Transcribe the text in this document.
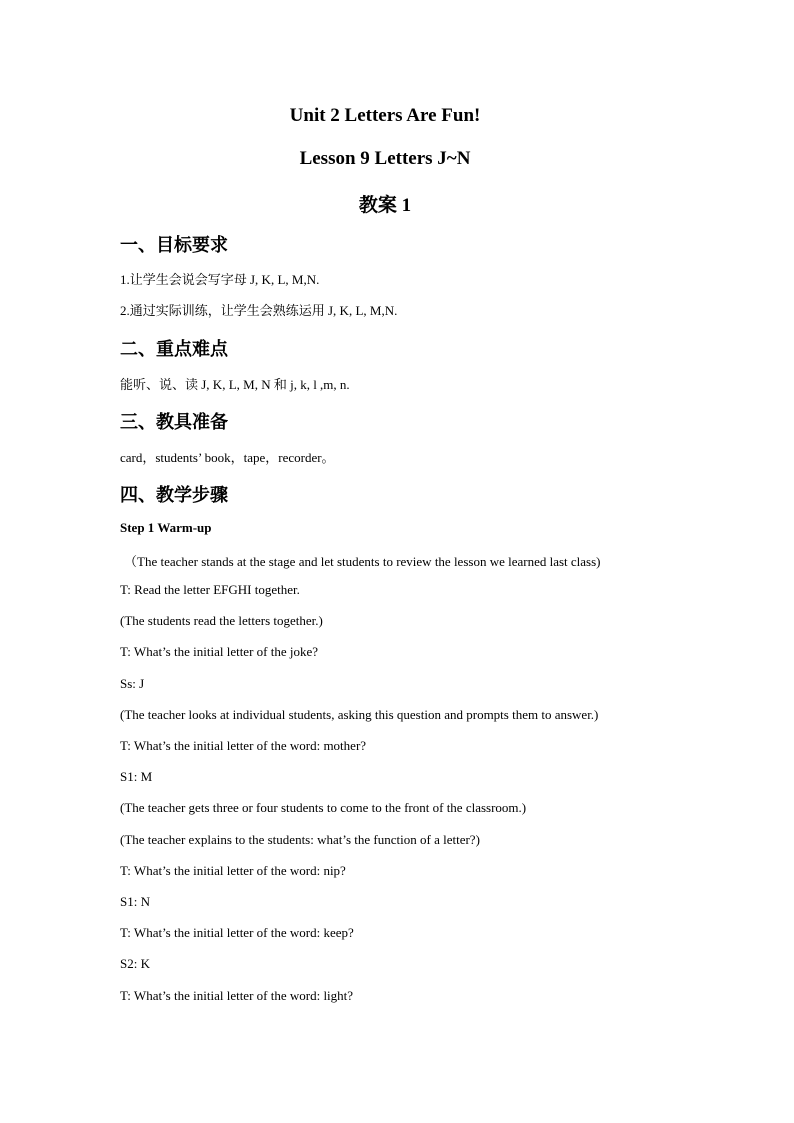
Unit 2 Letters Are Fun!
Lesson 9 Letters J~N
教案 1
一、目标要求
1.让学生会说会写字母 J, K, L, M,N.
2.通过实际训练，让学生会熟练运用 J, K, L, M,N.
二、重点难点
能听、说、读 J, K, L, M, N 和 j, k, l ,m, n.
三、教具准备
card，students’ book，tape，recorder。
四、教学步骤
Step 1 Warm-up
（The teacher stands at the stage and let students to review the lesson we learned last class)
T: Read the letter EFGHI together.
(The students read the letters together.)
T: What’s the initial letter of the joke?
Ss: J
(The teacher looks at individual students, asking this question and prompts them to answer.)
T: What’s the initial letter of the word: mother?
S1: M
(The teacher gets three or four students to come to the front of the classroom.)
(The teacher explains to the students: what’s the function of a letter?)
T: What’s the initial letter of the word: nip?
S1: N
T: What’s the initial letter of the word: keep?
S2: K
T: What’s the initial letter of the word: light?
